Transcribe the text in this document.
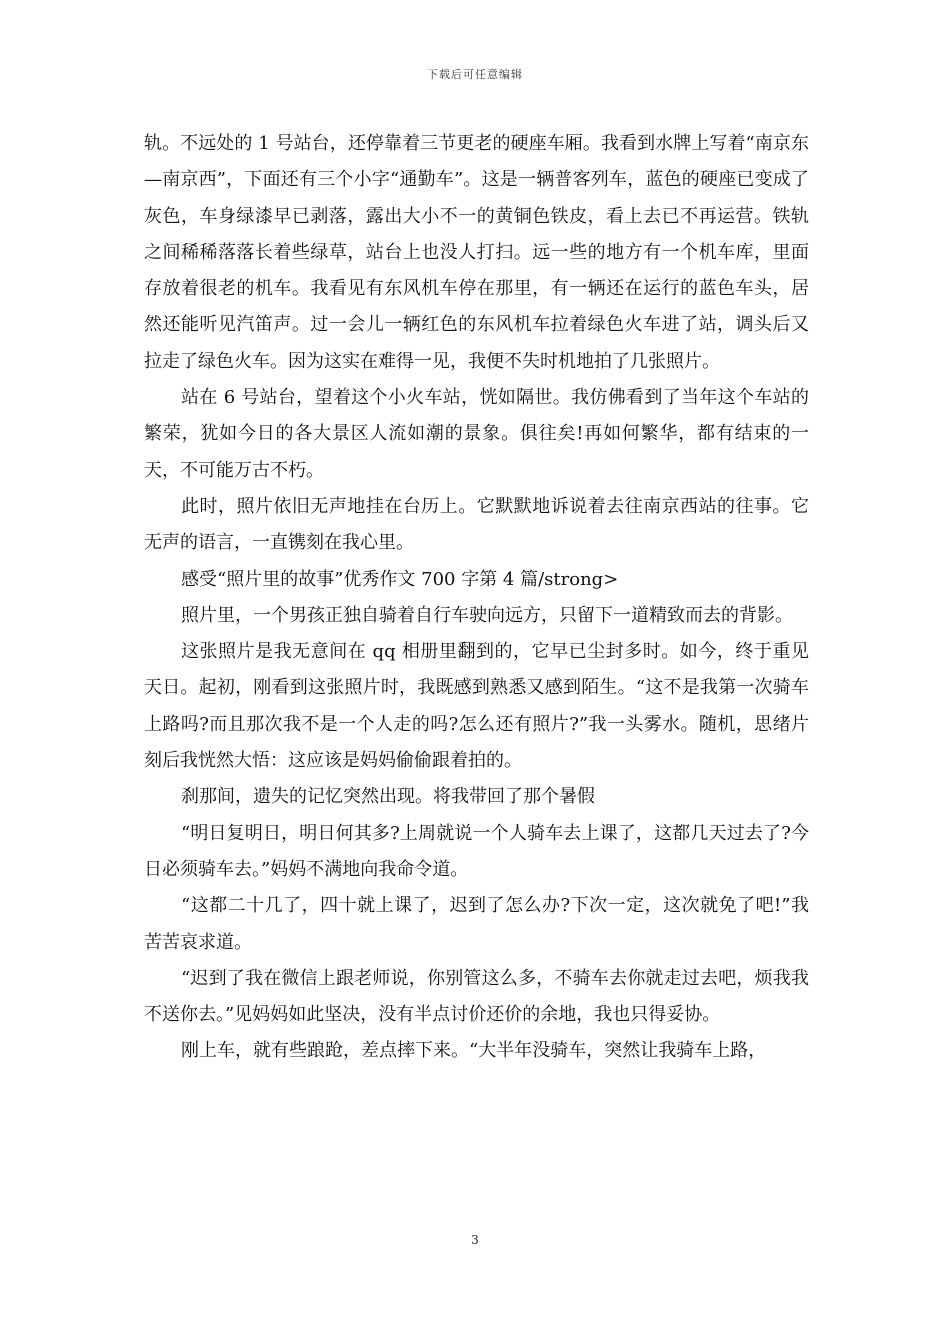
下载后可任意编辑

轨。不远处的 1 号站台，还停靠着三节更老的硬座车厢。我看到水牌上写着“南京东—南京西”，下面还有三个小字“通勤车”。这是一辆普客列车，蓝色的硬座已变成了灰色，车身绿漆早已剥落，露出大小不一的黄铜色铁皮，看上去已不再运营。铁轨之间稀稀落落长着些绿草，站台上也没人打扫。远一些的地方有一个机车库，里面存放着很老的机车。我看见有东风机车停在那里，有一辆还在运行的蓝色车头，居然还能听见汽笛声。过一会儿一辆红色的东风机车拉着绿色火车进了站，调头后又拉走了绿色火车。因为这实在难得一见，我便不失时机地拍了几张照片。

站在 6 号站台，望着这个小火车站，恍如隔世。我仿佛看到了当年这个车站的繁荣，犹如今日的各大景区人流如潮的景象。俱往矣!再如何繁华，都有结束的一天，不可能万古不朽。

此时，照片依旧无声地挂在台历上。它默默地诉说着去往南京西站的往事。它无声的语言，一直镌刻在我心里。

感受“照片里的故事”优秀作文 700 字第 4 篇/strong>

照片里，一个男孩正独自骑着自行车驶向远方，只留下一道精致而去的背影。

这张照片是我无意间在 qq 相册里翻到的，它早已尘封多时。如今，终于重见天日。起初，刚看到这张照片时，我既感到熟悉又感到陌生。“这不是我第一次骑车上路吗?而且那次我不是一个人走的吗?怎么还有照片?”我一头雾水。随机，思绪片刻后我恍然大悟：这应该是妈妈偷偷跟着拍的。

刹那间，遗失的记忆突然出现。将我带回了那个暑假

“明日复明日，明日何其多?上周就说一个人骑车去上课了，这都几天过去了?今日必须骑车去。”妈妈不满地向我命令道。

“这都二十几了，四十就上课了，迟到了怎么办?下次一定，这次就免了吧!”我苦苦哀求道。

“迟到了我在微信上跟老师说，你别管这么多，不骑车去你就走过去吧，烦我我不送你去。”见妈妈如此坚决，没有半点讨价还价的余地，我也只得妥协。

刚上车，就有些踉跄，差点摔下来。“大半年没骑车，突然让我骑车上路，

3
